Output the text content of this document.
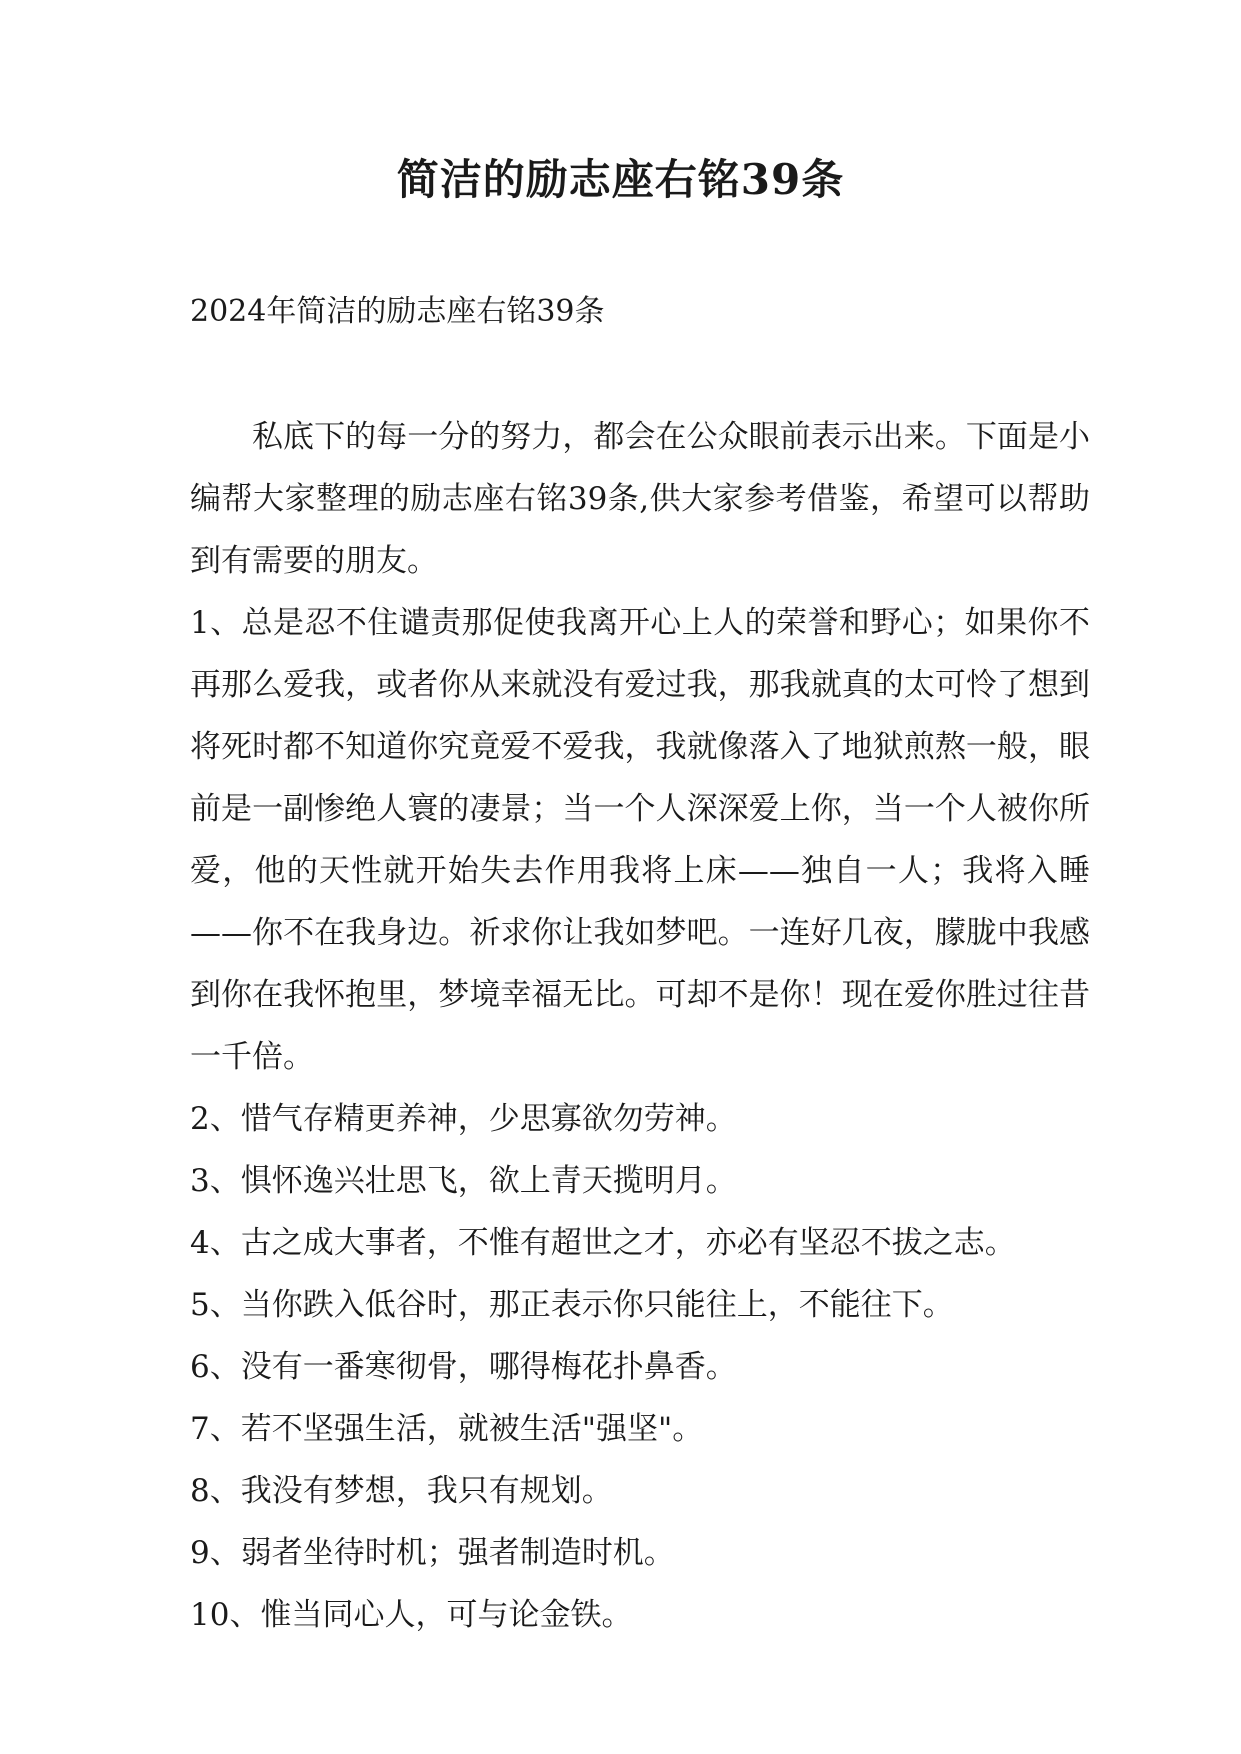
简洁的励志座右铭39条
2024年简洁的励志座右铭39条

私底下的每一分的努力，都会在公众眼前表示出来。下面是小编帮大家整理的励志座右铭39条,供大家参考借鉴，希望可以帮助到有需要的朋友。

1、总是忍不住谴责那促使我离开心上人的荣誉和野心；如果你不再那么爱我，或者你从来就没有爱过我，那我就真的太可怜了想到将死时都不知道你究竟爱不爱我，我就像落入了地狱煎熬一般，眼前是一副惨绝人寰的凄景；当一个人深深爱上你，当一个人被你所爱，他的天性就开始失去作用我将上床——独自一人；我将入睡——你不在我身边。祈求你让我如梦吧。一连好几夜，朦胧中我感到你在我怀抱里，梦境幸福无比。可却不是你！现在爱你胜过往昔一千倍。

2、惜气存精更养神，少思寡欲勿劳神。

3、惧怀逸兴壮思飞，欲上青天揽明月。

4、古之成大事者，不惟有超世之才，亦必有坚忍不拔之志。

5、当你跌入低谷时，那正表示你只能往上，不能往下。

6、没有一番寒彻骨，哪得梅花扑鼻香。

7、若不坚强生活，就被生活"强坚"。

8、我没有梦想，我只有规划。

9、弱者坐待时机；强者制造时机。

10、惟当同心人，可与论金铁。
